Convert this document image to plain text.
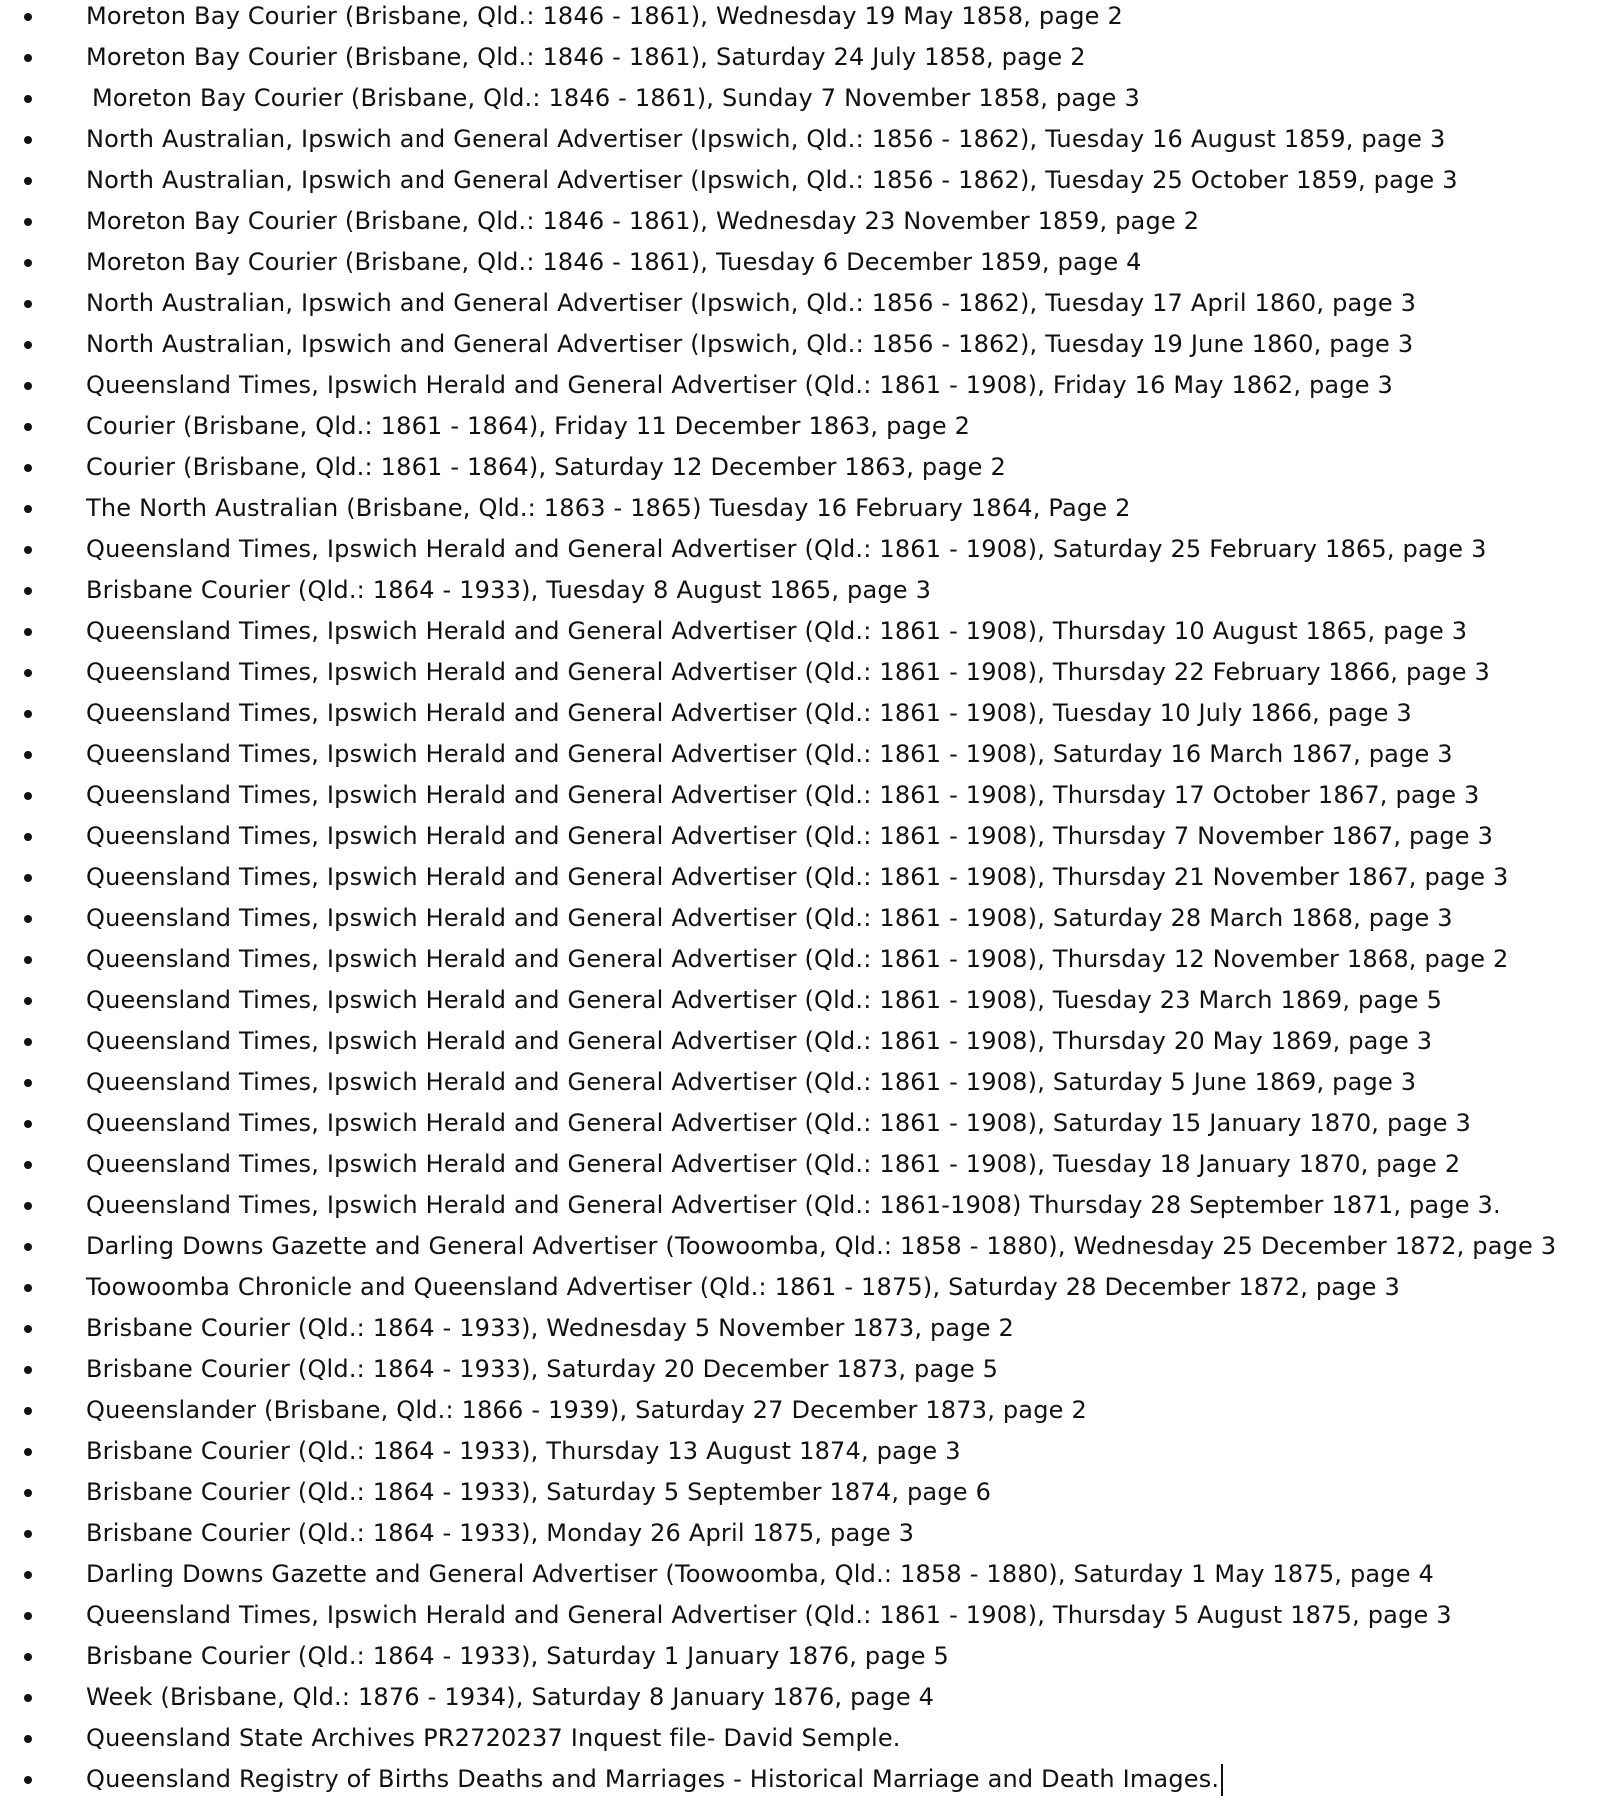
Moreton Bay Courier (Brisbane, Qld.: 1846 - 1861), Wednesday 19 May 1858, page 2
Moreton Bay Courier (Brisbane, Qld.: 1846 - 1861), Saturday 24 July 1858, page 2
Moreton Bay Courier (Brisbane, Qld.: 1846 - 1861), Sunday 7 November 1858, page 3
North Australian, Ipswich and General Advertiser (Ipswich, Qld.: 1856 - 1862), Tuesday 16 August 1859, page 3
North Australian, Ipswich and General Advertiser (Ipswich, Qld.: 1856 - 1862), Tuesday 25 October 1859, page 3
Moreton Bay Courier (Brisbane, Qld.: 1846 - 1861), Wednesday 23 November 1859, page 2
Moreton Bay Courier (Brisbane, Qld.: 1846 - 1861), Tuesday 6 December 1859, page 4
North Australian, Ipswich and General Advertiser (Ipswich, Qld.: 1856 - 1862), Tuesday 17 April 1860, page 3
North Australian, Ipswich and General Advertiser (Ipswich, Qld.: 1856 - 1862), Tuesday 19 June 1860, page 3
Queensland Times, Ipswich Herald and General Advertiser (Qld.: 1861 - 1908), Friday 16 May 1862, page 3
Courier (Brisbane, Qld.: 1861 - 1864), Friday 11 December 1863, page 2
Courier (Brisbane, Qld.: 1861 - 1864), Saturday 12 December 1863, page 2
The North Australian (Brisbane, Qld.: 1863 - 1865) Tuesday 16 February 1864, Page 2
Queensland Times, Ipswich Herald and General Advertiser (Qld.: 1861 - 1908), Saturday 25 February 1865, page 3
Brisbane Courier (Qld.: 1864 - 1933), Tuesday 8 August 1865, page 3
Queensland Times, Ipswich Herald and General Advertiser (Qld.: 1861 - 1908), Thursday 10 August 1865, page 3
Queensland Times, Ipswich Herald and General Advertiser (Qld.: 1861 - 1908), Thursday 22 February 1866, page 3
Queensland Times, Ipswich Herald and General Advertiser (Qld.: 1861 - 1908), Tuesday 10 July 1866, page 3
Queensland Times, Ipswich Herald and General Advertiser (Qld.: 1861 - 1908), Saturday 16 March 1867, page 3
Queensland Times, Ipswich Herald and General Advertiser (Qld.: 1861 - 1908), Thursday 17 October 1867, page 3
Queensland Times, Ipswich Herald and General Advertiser (Qld.: 1861 - 1908), Thursday 7 November 1867, page 3
Queensland Times, Ipswich Herald and General Advertiser (Qld.: 1861 - 1908), Thursday 21 November 1867, page 3
Queensland Times, Ipswich Herald and General Advertiser (Qld.: 1861 - 1908), Saturday 28 March 1868, page 3
Queensland Times, Ipswich Herald and General Advertiser (Qld.: 1861 - 1908), Thursday 12 November 1868, page 2
Queensland Times, Ipswich Herald and General Advertiser (Qld.: 1861 - 1908), Tuesday 23 March 1869, page 5
Queensland Times, Ipswich Herald and General Advertiser (Qld.: 1861 - 1908), Thursday 20 May 1869, page 3
Queensland Times, Ipswich Herald and General Advertiser (Qld.: 1861 - 1908), Saturday 5 June 1869, page 3
Queensland Times, Ipswich Herald and General Advertiser (Qld.: 1861 - 1908), Saturday 15 January 1870, page 3
Queensland Times, Ipswich Herald and General Advertiser (Qld.: 1861 - 1908), Tuesday 18 January 1870, page 2
Queensland Times, Ipswich Herald and General Advertiser (Qld.: 1861-1908) Thursday 28 September 1871, page 3.
Darling Downs Gazette and General Advertiser (Toowoomba, Qld.: 1858 - 1880), Wednesday 25 December 1872, page 3
Toowoomba Chronicle and Queensland Advertiser (Qld.: 1861 - 1875), Saturday 28 December 1872, page 3
Brisbane Courier (Qld.: 1864 - 1933), Wednesday 5 November 1873, page 2
Brisbane Courier (Qld.: 1864 - 1933), Saturday 20 December 1873, page 5
Queenslander (Brisbane, Qld.: 1866 - 1939), Saturday 27 December 1873, page 2
Brisbane Courier (Qld.: 1864 - 1933), Thursday 13 August 1874, page 3
Brisbane Courier (Qld.: 1864 - 1933), Saturday 5 September 1874, page 6
Brisbane Courier (Qld.: 1864 - 1933), Monday 26 April 1875, page 3
Darling Downs Gazette and General Advertiser (Toowoomba, Qld.: 1858 - 1880), Saturday 1 May 1875, page 4
Queensland Times, Ipswich Herald and General Advertiser (Qld.: 1861 - 1908), Thursday 5 August 1875, page 3
Brisbane Courier (Qld.: 1864 - 1933), Saturday 1 January 1876, page 5
Week (Brisbane, Qld.: 1876 - 1934), Saturday 8 January 1876, page 4
Queensland State Archives PR2720237 Inquest file- David Semple.
Queensland Registry of Births Deaths and Marriages - Historical Marriage and Death Images.
